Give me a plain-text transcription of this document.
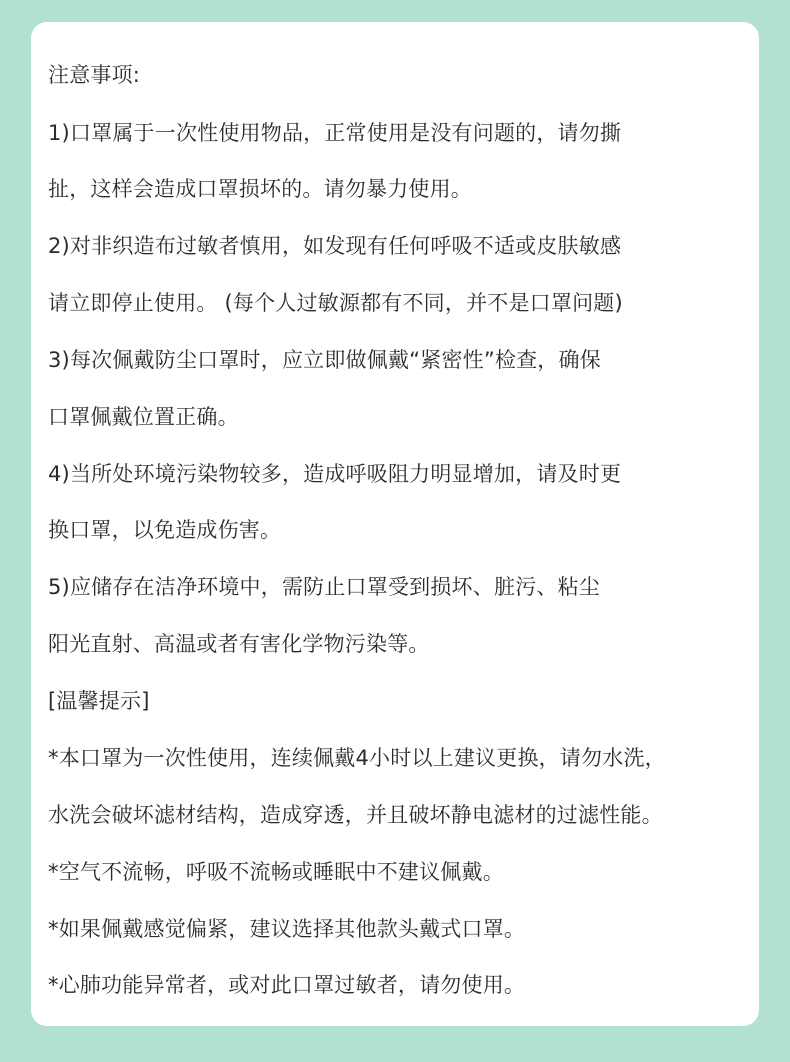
注意事项:
1)口罩属于一次性使用物品，正常使用是没有问题的，请勿撕
扯，这样会造成口罩损坏的。请勿暴力使用。
2)对非织造布过敏者慎用，如发现有任何呼吸不适或皮肤敏感
请立即停止使用。 (每个人过敏源都有不同，并不是口罩问题)
3)每次佩戴防尘口罩时，应立即做佩戴“紧密性”检查，确保
口罩佩戴位置正确。
4)当所处环境污染物较多，造成呼吸阻力明显增加，请及时更
换口罩，以免造成伤害。
5)应储存在洁净环境中，需防止口罩受到损坏、脏污、粘尘
阳光直射、高温或者有害化学物污染等。
[温馨提示]
*本口罩为一次性使用，连续佩戴4小时以上建议更换，请勿水洗，
水洗会破坏滤材结构，造成穿透，并且破坏静电滤材的过滤性能。
*空气不流畅，呼吸不流畅或睡眠中不建议佩戴。
*如果佩戴感觉偏紧，建议选择其他款头戴式口罩。
*心肺功能异常者，或对此口罩过敏者，请勿使用。
